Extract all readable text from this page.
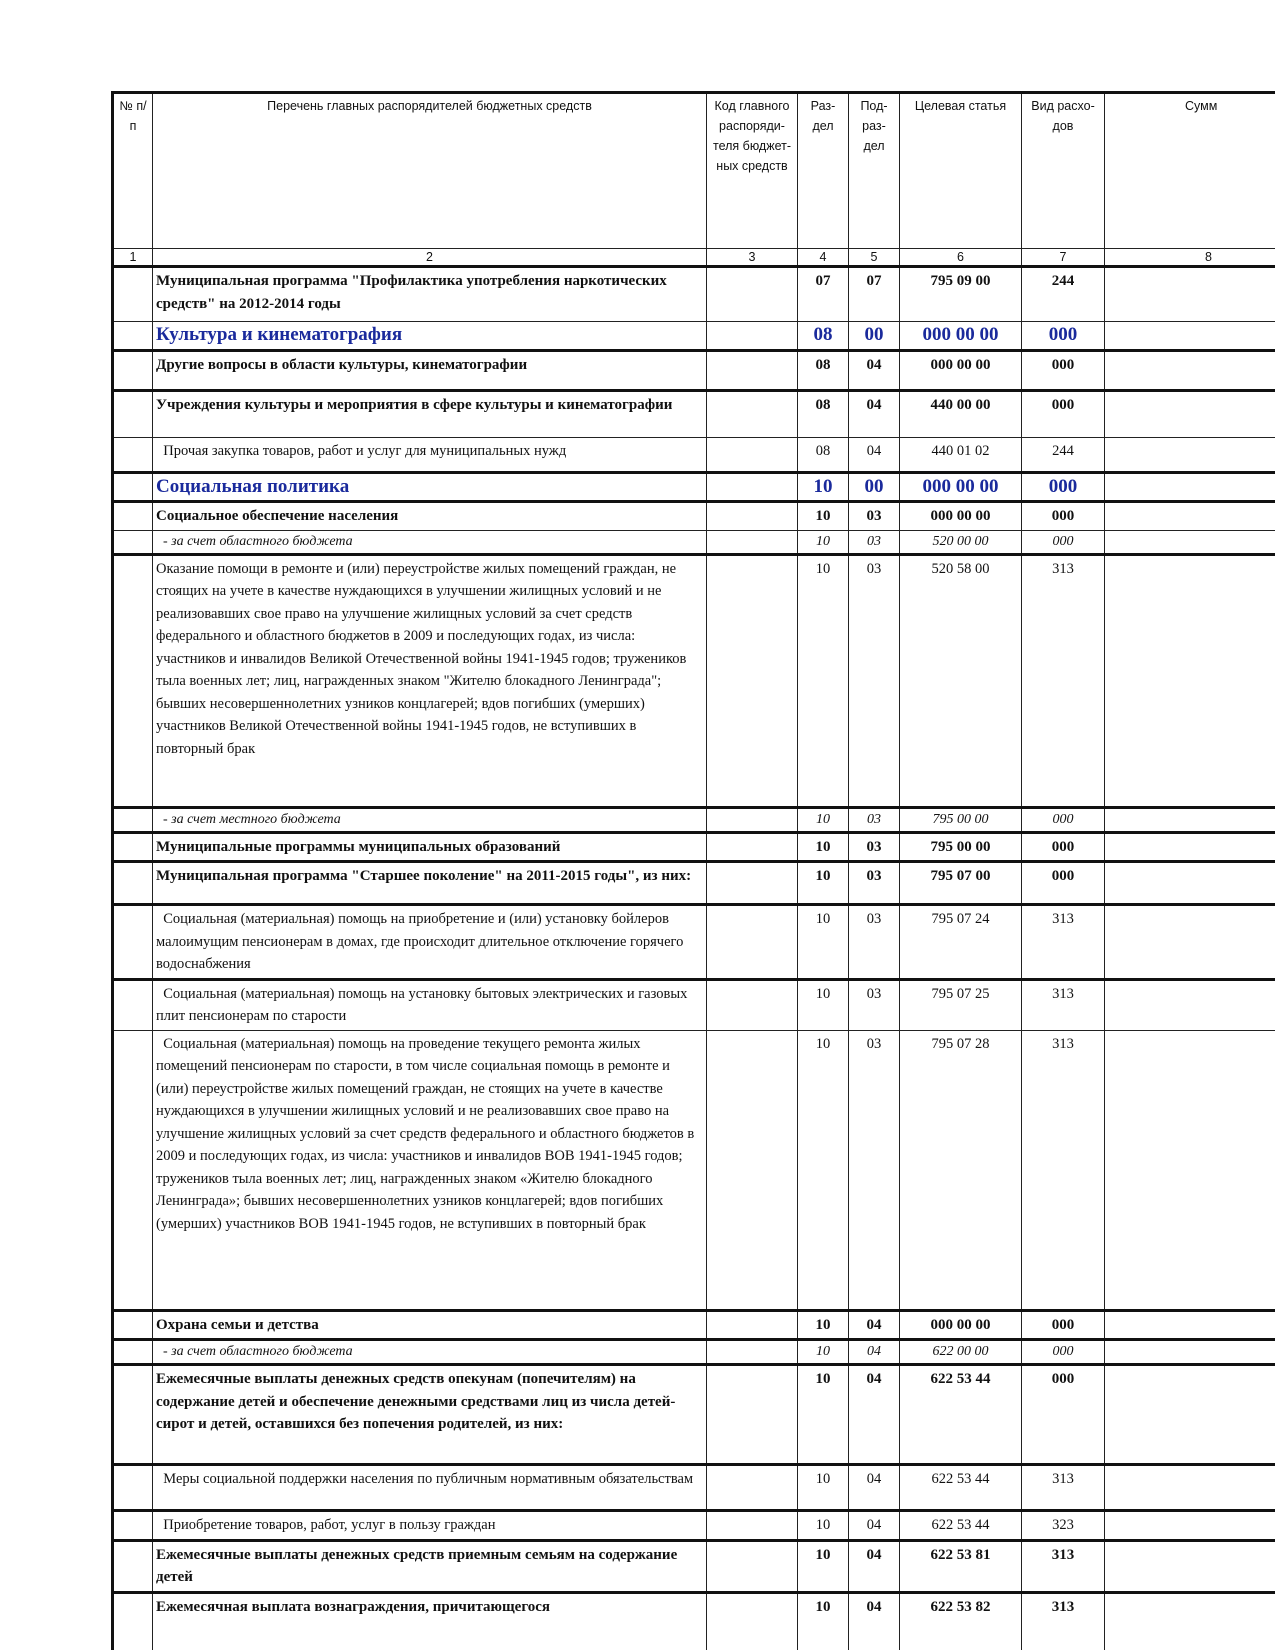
№ п/п	Перечень главных распорядителей бюджетных средств	Код главного распоряди-теля бюджет-ных средств	Раз-дел	Под-раз-дел	Целевая статья	Вид расхо-дов	Сумм
1	2	3	4	5	6	7	8
	Муниципальная программа "Профилактика употребления наркотических средств" на 2012-2014 годы		07	07	795 09 00	244	
	Культура и кинематография		08	00	000 00 00	000	
	Другие вопросы в области культуры, кинематографии		08	04	000 00 00	000	
	Учреждения культуры и мероприятия в сфере культуры и кинематографии		08	04	440 00 00	000	
	Прочая закупка товаров, работ и услуг для муниципальных нужд		08	04	440 01 02	244	
	Социальная политика		10	00	000 00 00	000	
	Социальное обеспечение населения		10	03	000 00 00	000	
	- за счет областного бюджета		10	03	520 00 00	000	
	Оказание помощи в ремонте и (или) переустройстве жилых помещений граждан, не стоящих на учете в качестве нуждающихся в улучшении жилищных условий и не реализовавших свое право на улучшение жилищных условий за счет средств федерального и областного бюджетов в 2009 и последующих годах, из числа: участников и инвалидов Великой Отечественной войны 1941-1945 годов; тружеников тыла военных лет; лиц, награжденных знаком "Жителю блокадного Ленинграда"; бывших несовершеннолетних узников концлагерей; вдов погибших (умерших) участников Великой Отечественной войны 1941-1945 годов, не вступивших в повторный брак		10	03	520 58 00	313	
	- за счет местного бюджета		10	03	795 00 00	000	
	Муниципальные программы муниципальных образований		10	03	795 00 00	000	
	Муниципальная программа "Старшее поколение" на 2011-2015 годы", из них:		10	03	795 07 00	000	
	Социальная (материальная) помощь на приобретение и (или) установку бойлеров малоимущим пенсионерам в домах, где происходит длительное отключение горячего водоснабжения		10	03	795 07 24	313	
	Социальная (материальная) помощь на установку бытовых электрических и газовых плит пенсионерам по старости		10	03	795 07 25	313	
	Социальная (материальная) помощь на проведение текущего ремонта жилых помещений пенсионерам по старости, в том числе социальная помощь в ремонте и (или) переустройстве жилых помещений граждан, не стоящих на учете в качестве нуждающихся в улучшении жилищных условий и не реализовавших свое право на улучшение жилищных условий за счет средств федерального и областного бюджетов в 2009 и последующих годах, из числа: участников и инвалидов ВОВ 1941-1945 годов; тружеников тыла военных лет; лиц, награжденных знаком «Жителю блокадного Ленинграда»; бывших несовершеннолетних узников концлагерей; вдов погибших (умерших) участников ВОВ 1941-1945 годов, не вступивших в повторный брак		10	03	795 07 28	313	
	Охрана семьи и детства		10	04	000 00 00	000	
	- за счет областного бюджета		10	04	622 00 00	000	
	Ежемесячные выплаты денежных средств опекунам (попечителям) на содержание детей и обеспечение денежными средствами лиц из числа детей-сирот и детей, оставшихся без попечения родителей, из них:		10	04	622 53 44	000	
	Меры социальной поддержки населения по публичным нормативным обязательствам		10	04	622 53 44	313	
	Приобретение товаров, работ, услуг в пользу граждан		10	04	622 53 44	323	
	Ежемесячные выплаты денежных средств приемным семьям на содержание детей		10	04	622 53 81	313	
	Ежемесячная выплата вознаграждения, причитающегося		10	04	622 53 82	313	
